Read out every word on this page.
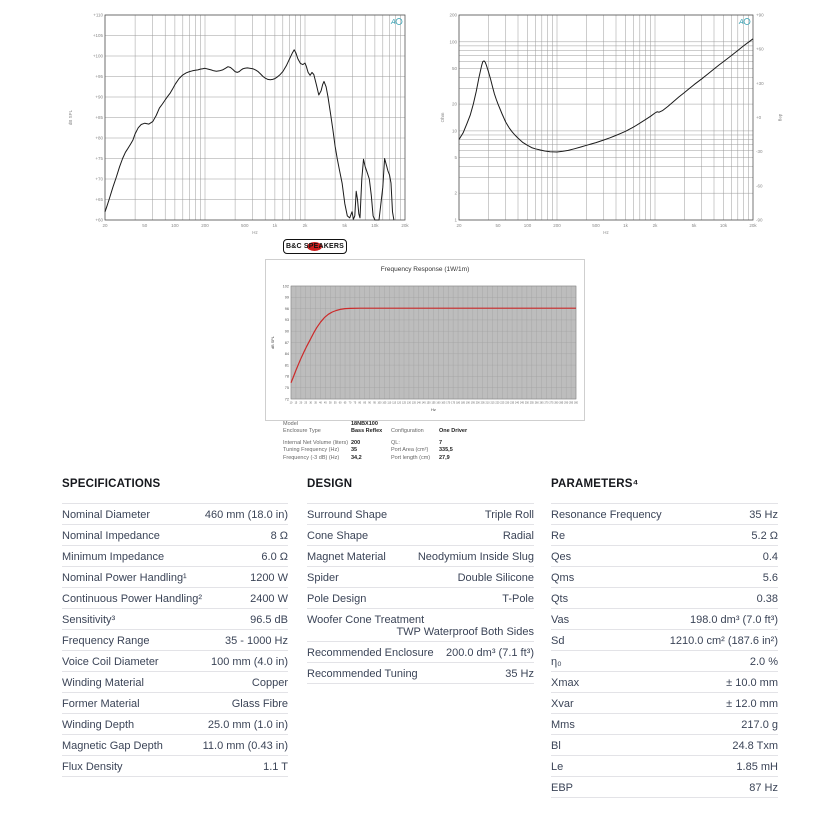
+110
+105
+100
+95
+90
+85
+80
+75
+70
+65
+60
20	50	100	200	500	1k	2k	5k	10k	20k
Hz
dB SPL
A
200
100
50
20
10
5
2
1
20	50	100	200	500	1k	2k	5k	10k	20k
Hz
Ohm
+90
+60
+30
+0
-30
-60
-90
deg
A
B&C SPEAKERS
Frequency Response (1W/1m)
102
99
96
93
90
87
84
81
78
75
72
10 15 20 25 30 35 40 45 50 55 60 65 70 75 80 85 90 95 100 105 110 115 120 125 130 135 140 145 150 155 160 165 170 175 180 185 190 195 200 205 210 215 220 225 230 235 240 245 250 255 260 265 270 275 280 285 290 295 300
Hz
dB SPL
Model	18NBX100
Enclosure Type	Bass Reflex	Configuration	One Driver
Internal Net Volume (liters) 200	QL:	7
Tuning Frequency (Hz)	35	Port Area (cm²)	335,5
Frequency (-3 dB) (Hz)	34,2	Port length (cm)	27,9
SPECIFICATIONS
Nominal Diameter	460 mm (18.0 in)
Nominal Impedance	8 Ω
Minimum Impedance	6.0 Ω
Nominal Power Handling¹	1200 W
Continuous Power Handling²	2400 W
Sensitivity³	96.5 dB
Frequency Range	35 - 1000 Hz
Voice Coil Diameter	100 mm (4.0 in)
Winding Material	Copper
Former Material	Glass Fibre
Winding Depth	25.0 mm (1.0 in)
Magnetic Gap Depth	11.0 mm (0.43 in)
Flux Density	1.1 T
DESIGN
Surround Shape	Triple Roll
Cone Shape	Radial
Magnet Material	Neodymium Inside Slug
Spider	Double Silicone
Pole Design	T-Pole
Woofer Cone Treatment
TWP Waterproof Both Sides
Recommended Enclosure 200.0 dm³ (7.1 ft³)
Recommended Tuning	35 Hz
PARAMETERS⁴
Resonance Frequency	35 Hz
Re	5.2 Ω
Qes	0.4
Qms	5.6
Qts	0.38
Vas	198.0 dm³ (7.0 ft³)
Sd	1210.0 cm² (187.6 in²)
η₀	2.0 %
Xmax	± 10.0 mm
Xvar	± 12.0 mm
Mms	217.0 g
Bl	24.8 Txm
Le	1.85 mH
EBP	87 Hz
